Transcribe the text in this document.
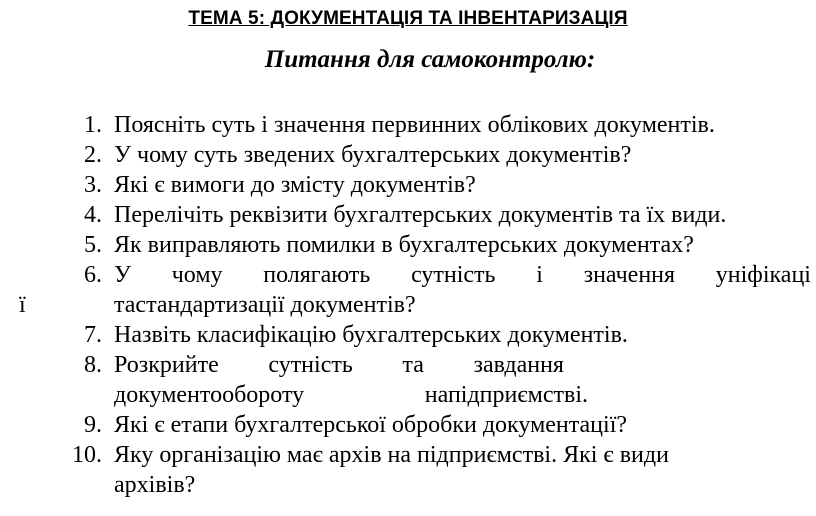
ТЕМА 5: ДОКУМЕНТАЦІЯ ТА ІНВЕНТАРИЗАЦІЯ
Питання для самоконтролю:
1. Поясніть суть і значення первинних облікових документів.
2. У чому суть зведених бухгалтерських документів?
3. Які є вимоги до змісту документів?
4. Перелічіть реквізити бухгалтерських документів та їх види.
5. Як виправляють помилки в бухгалтерських документах?
6. У чому полягають сутність і значення уніфікаці
ї	тастандартизації документів?
7. Назвіть класифікацію бухгалтерських документів.
8. Розкрийте сутність та завдання
документообороту	напідприємстві.
9. Які є етапи бухгалтерської обробки документації?
10. Яку організацію має архів на підприємстві. Які є види
архівів?
